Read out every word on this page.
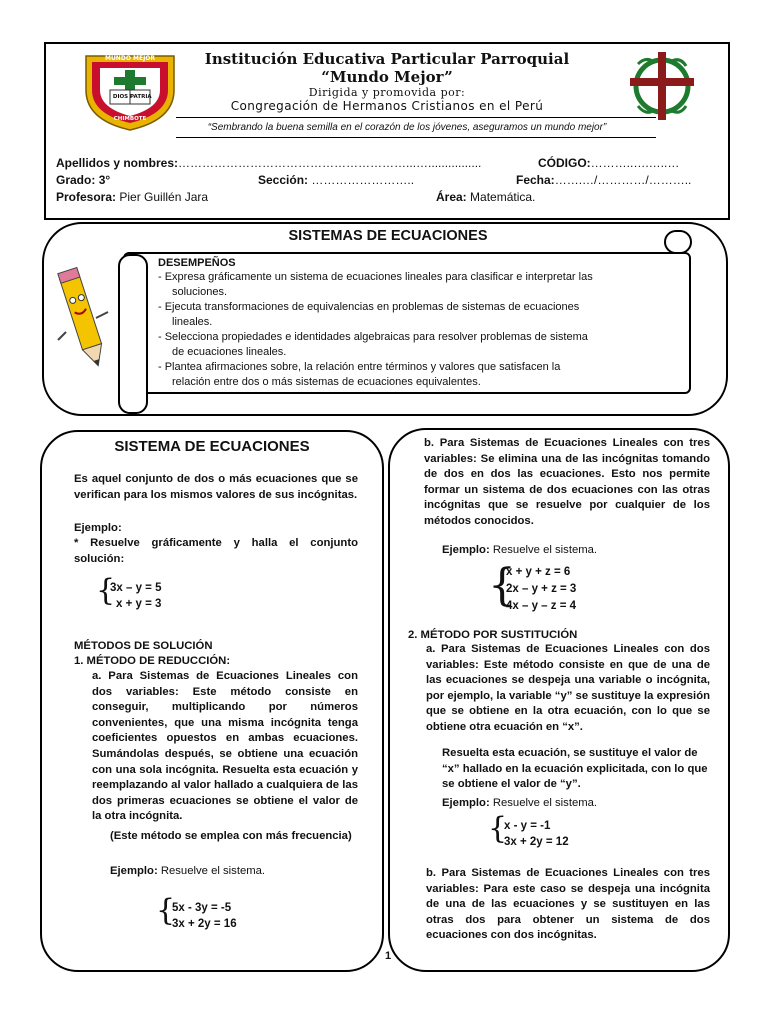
MUNDO MEJOR
DIOS PATRIA
CHIMBOTE
Institución Educativa Particular Parroquial
“Mundo Mejor”
Dirigida y promovida por:
Congregación de Hermanos Cristianos en el Perú
“Sembrando la buena semilla en el corazón de los jóvenes, aseguramos un mundo mejor”
Apellidos y nombres:…………………………………………………...…................	CÓDIGO:………..….…..…
Grado: 3°	Sección: ……………………..	Fecha:…….…/…………/………..
Profesora: Pier Guillén Jara	Área: Matemática.
SISTEMAS DE ECUACIONES
DESEMPEÑOS
- Expresa gráficamente un sistema de ecuaciones lineales para clasificar e interpretar las
soluciones.
- Ejecuta transformaciones de equivalencias en problemas de sistemas de ecuaciones
lineales.
- Selecciona propiedades e identidades algebraicas para resolver problemas de sistema
de ecuaciones lineales.
- Plantea afirmaciones sobre, la relación entre términos y valores que satisfacen la
relación entre dos o más sistemas de ecuaciones equivalentes.
SISTEMA DE ECUACIONES
Es aquel conjunto de dos o más ecuaciones que se verifican para los mismos valores de sus incógnitas.
Ejemplo:
* Resuelve gráficamente y halla el conjunto solución:
{
3x – y = 5
x + y = 3
MÉTODOS DE SOLUCIÓN
1. MÉTODO DE REDUCCIÓN:
a. Para Sistemas de Ecuaciones Lineales con dos variables: Este método consiste en conseguir, multiplicando por números convenientes, que una misma incógnita tenga coeficientes opuestos en ambas ecuaciones. Sumándolas después, se obtiene una ecuación con una sola incógnita. Resuelta esta ecuación y reemplazando al valor hallado a cualquiera de las dos primeras ecuaciones se obtiene el valor de la otra incógnita.
(Este método se emplea con más frecuencia)
Ejemplo: Resuelve el sistema.
{
5x - 3y = -5
3x + 2y = 16
b. Para Sistemas de Ecuaciones Lineales con tres variables: Se elimina una de las incógnitas tomando de dos en dos las ecuaciones. Esto nos permite formar un sistema de dos ecuaciones con las otras incógnitas que se resuelve por cualquier de los métodos conocidos.
Ejemplo: Resuelve el sistema.
{
x + y + z = 6
2x – y + z = 3
4x – y – z = 4
2. MÉTODO POR SUSTITUCIÓN
a. Para Sistemas de Ecuaciones Lineales con dos variables: Este método consiste en que de una de las ecuaciones se despeja una variable o incógnita, por ejemplo, la variable “y” se sustituye la expresión que se obtiene en la otra ecuación, con lo que se obtiene otra ecuación en “x”.
Resuelta esta ecuación, se sustituye el valor de “x” hallado en la ecuación explicitada, con lo que se obtiene el valor de “y”.
Ejemplo: Resuelve el sistema.
{
x - y = -1
3x + 2y = 12
b. Para Sistemas de Ecuaciones Lineales con tres variables: Para este caso se despeja una incógnita de una de las ecuaciones y se sustituyen en las otras dos para obtener un sistema de dos ecuaciones con dos incógnitas.
1
